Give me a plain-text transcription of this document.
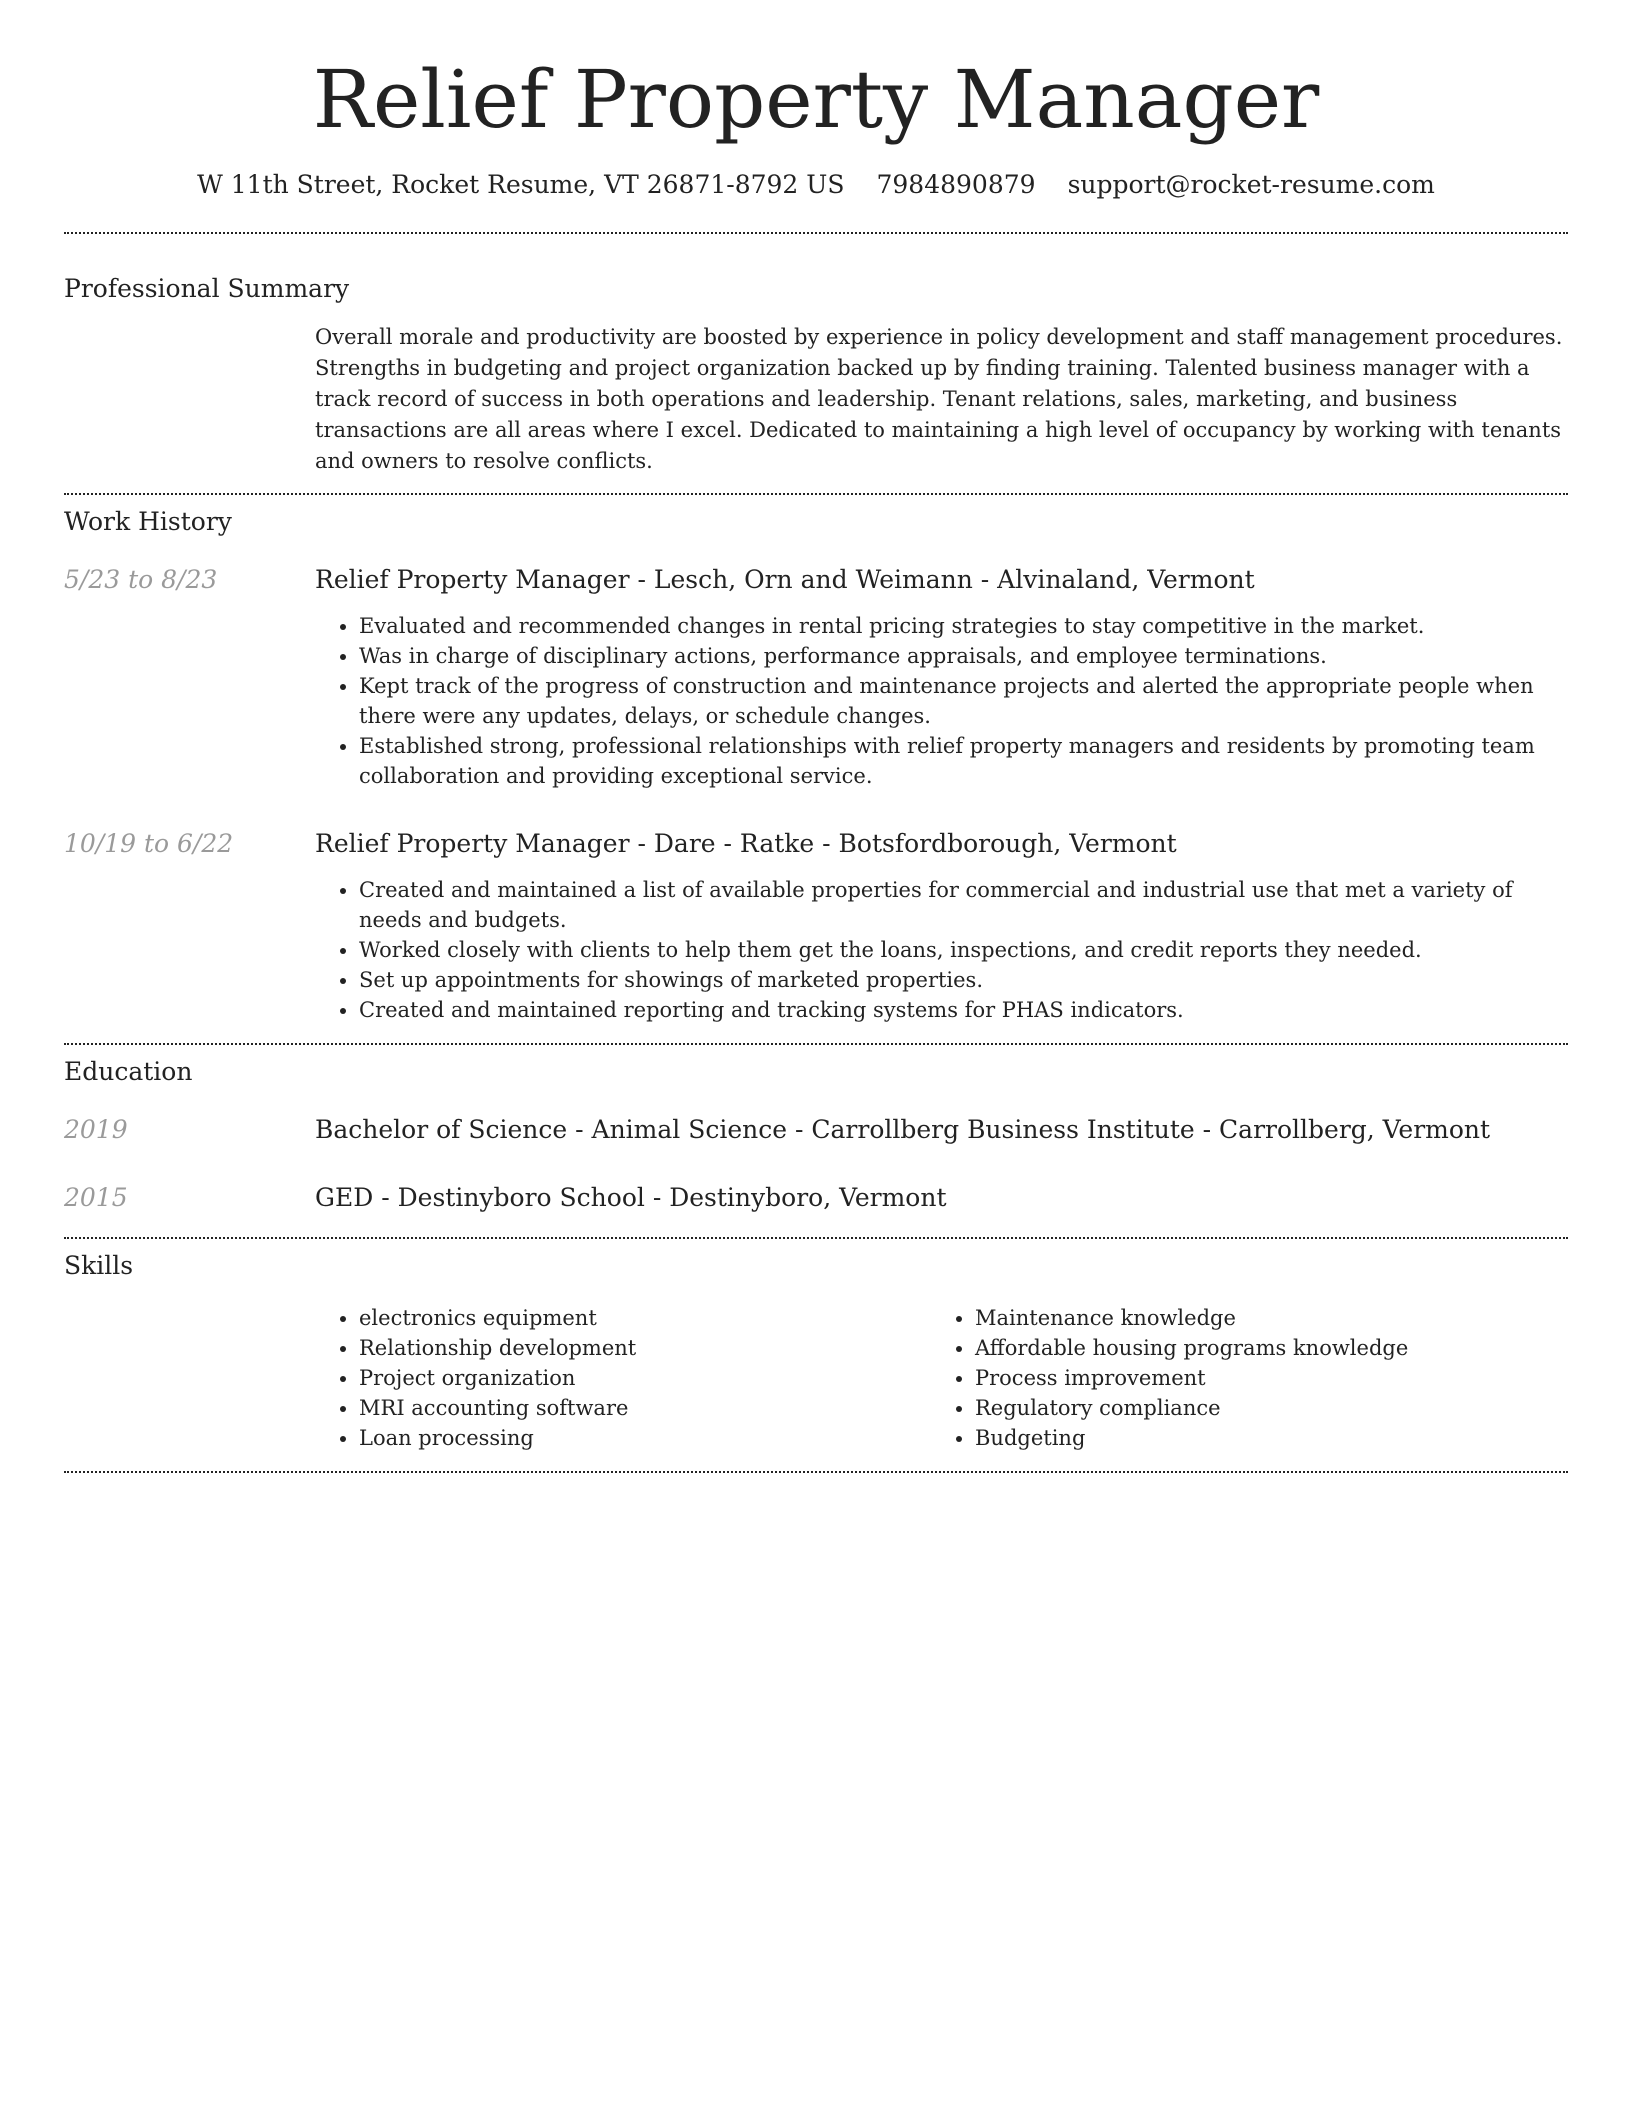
Relief Property Manager
W 11th Street, Rocket Resume, VT 26871-8792 US 7984890879 support@rocket-resume.com
Professional Summary

Overall morale and productivity are boosted by experience in policy development and staff management procedures. Strengths in budgeting and project organization backed up by finding training. Talented business manager with a track record of success in both operations and leadership. Tenant relations, sales, marketing, and business transactions are all areas where I excel. Dedicated to maintaining a high level of occupancy by working with tenants and owners to resolve conflicts.

Work History
5/23 to 8/23	Relief Property Manager - Lesch, Orn and Weimann - Alvinaland, Vermont
• Evaluated and recommended changes in rental pricing strategies to stay competitive in the market.
• Was in charge of disciplinary actions, performance appraisals, and employee terminations.
• Kept track of the progress of construction and maintenance projects and alerted the appropriate people when there were any updates, delays, or schedule changes.
• Established strong, professional relationships with relief property managers and residents by promoting team collaboration and providing exceptional service.
10/19 to 6/22	Relief Property Manager - Dare - Ratke - Botsfordborough, Vermont
• Created and maintained a list of available properties for commercial and industrial use that met a variety of needs and budgets.
• Worked closely with clients to help them get the loans, inspections, and credit reports they needed.
• Set up appointments for showings of marketed properties.
• Created and maintained reporting and tracking systems for PHAS indicators.
Education
2019	Bachelor of Science - Animal Science - Carrollberg Business Institute - Carrollberg, Vermont
2015	GED - Destinyboro School - Destinyboro, Vermont
Skills
• electronics equipment
• Relationship development
• Project organization
• MRI accounting software
• Loan processing
• Maintenance knowledge
• Affordable housing programs knowledge
• Process improvement
• Regulatory compliance
• Budgeting
